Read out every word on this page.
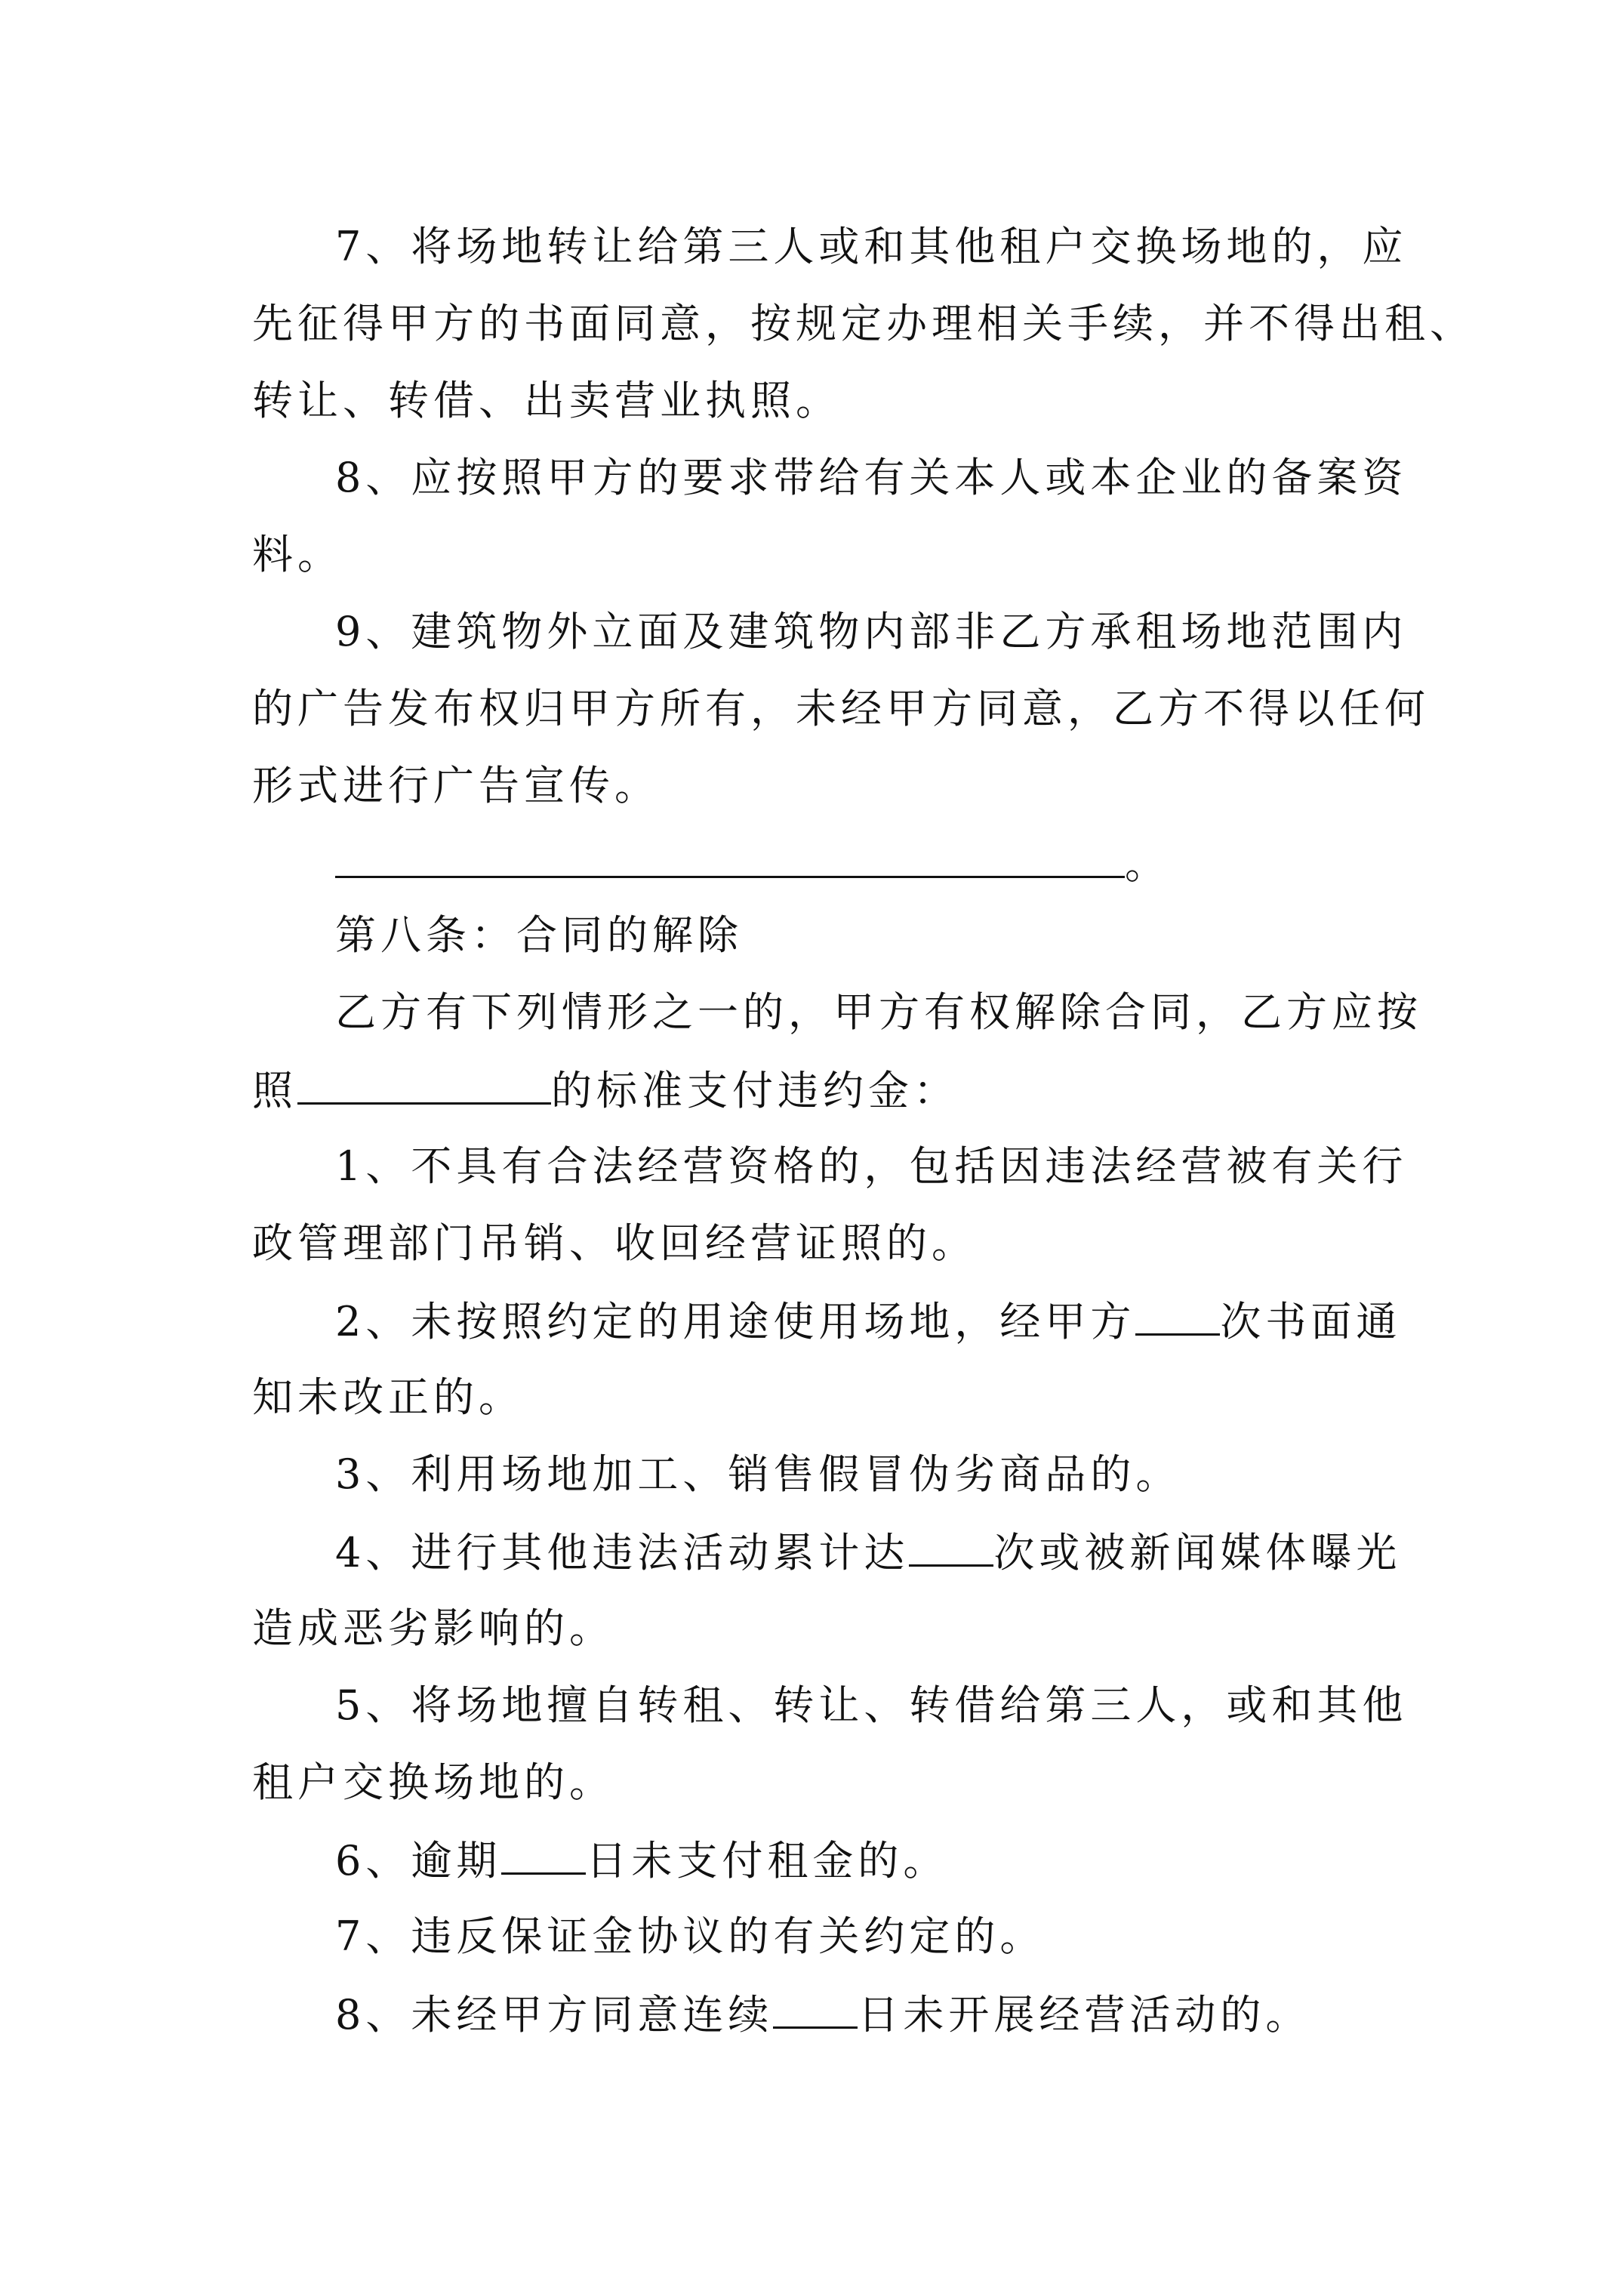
7、将场地转让给第三人或和其他租户交换场地的，应
先征得甲方的书面同意，按规定办理相关手续，并不得出租、
转让、转借、出卖营业执照。
8、应按照甲方的要求带给有关本人或本企业的备案资
料。
9、建筑物外立面及建筑物内部非乙方承租场地范围内
的广告发布权归甲方所有，未经甲方同意，乙方不得以任何
形式进行广告宣传。
。
第八条：合同的解除
乙方有下列情形之一的，甲方有权解除合同，乙方应按
照	的标准支付违约金：
1、不具有合法经营资格的，包括因违法经营被有关行
政管理部门吊销、收回经营证照的。
2、未按照约定的用途使用场地，经甲方 次书面通
知未改正的。
3、利用场地加工、销售假冒伪劣商品的。
4、进行其他违法活动累计达 次或被新闻媒体曝光
造成恶劣影响的。
5、将场地擅自转租、转让、转借给第三人，或和其他
租户交换场地的。
6、逾期 日未支付租金的。
7、违反保证金协议的有关约定的。
8、未经甲方同意连续 日未开展经营活动的。
